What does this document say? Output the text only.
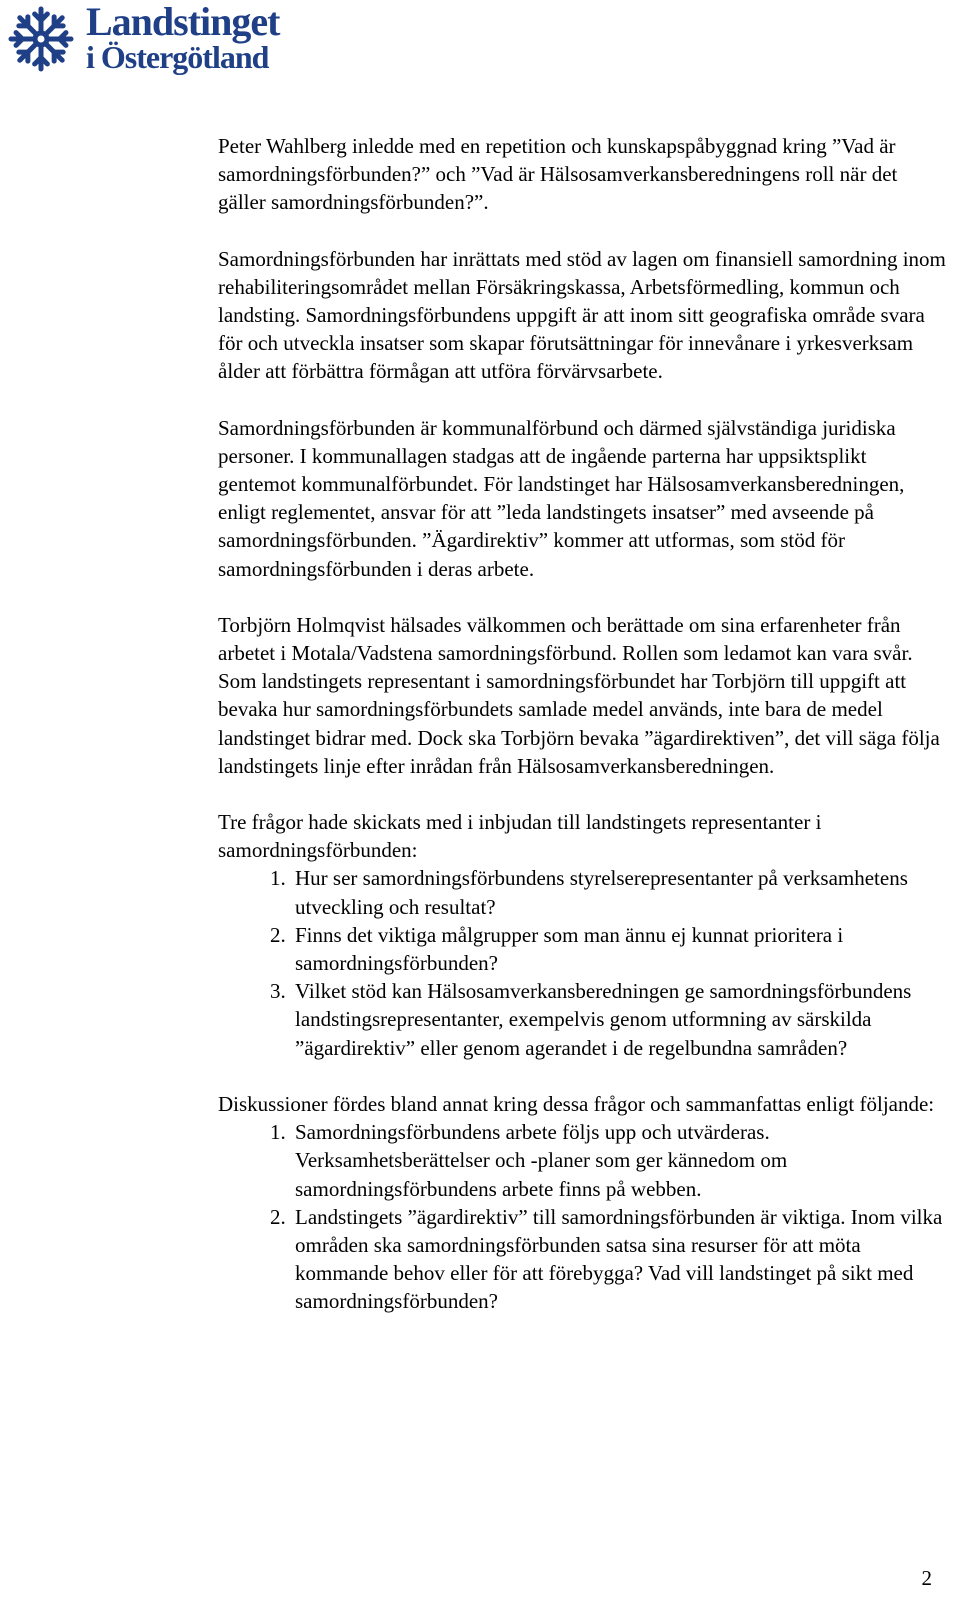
Landstinget
i Östergötland

Peter Wahlberg inledde med en repetition och kunskapspåbyggnad kring ”Vad är samordningsförbunden?” och ”Vad är Hälsosamverkansberedningens roll när det gäller samordningsförbunden?”.

Samordningsförbunden har inrättats med stöd av lagen om finansiell samordning inom rehabiliteringsområdet mellan Försäkringskassa, Arbetsförmedling, kommun och landsting. Samordningsförbundens uppgift är att inom sitt geografiska område svara för och utveckla insatser som skapar förutsättningar för innevånare i yrkesverksam ålder att förbättra förmågan att utföra förvärvsarbete.

Samordningsförbunden är kommunalförbund och därmed självständiga juridiska personer. I kommunallagen stadgas att de ingående parterna har uppsiktsplikt gentemot kommunalförbundet. För landstinget har Hälsosamverkansberedningen, enligt reglementet, ansvar för att ”leda landstingets insatser” med avseende på samordningsförbunden. ”Ägardirektiv” kommer att utformas, som stöd för samordningsförbunden i deras arbete.

Torbjörn Holmqvist hälsades välkommen och berättade om sina erfarenheter från arbetet i Motala/Vadstena samordningsförbund. Rollen som ledamot kan vara svår. Som landstingets representant i samordningsförbundet har Torbjörn till uppgift att bevaka hur samordningsförbundets samlade medel används, inte bara de medel landstinget bidrar med. Dock ska Torbjörn bevaka ”ägardirektiven”, det vill säga följa landstingets linje efter inrådan från Hälsosamverkansberedningen.

Tre frågor hade skickats med i inbjudan till landstingets representanter i samordningsförbunden:

1. Hur ser samordningsförbundens styrelserepresentanter på verksamhetens utveckling och resultat?
2. Finns det viktiga målgrupper som man ännu ej kunnat prioritera i samordningsförbunden?
3. Vilket stöd kan Hälsosamverkansberedningen ge samordningsförbundens landstingsrepresentanter, exempelvis genom utformning av särskilda ”ägardirektiv” eller genom agerandet i de regelbundna samråden?

Diskussioner fördes bland annat kring dessa frågor och sammanfattas enligt följande:

1. Samordningsförbundens arbete följs upp och utvärderas. Verksamhetsberättelser och -planer som ger kännedom om samordningsförbundens arbete finns på webben.
2. Landstingets ”ägardirektiv” till samordningsförbunden är viktiga. Inom vilka områden ska samordningsförbunden satsa sina resurser för att möta kommande behov eller för att förebygga? Vad vill landstinget på sikt med samordningsförbunden?
2
